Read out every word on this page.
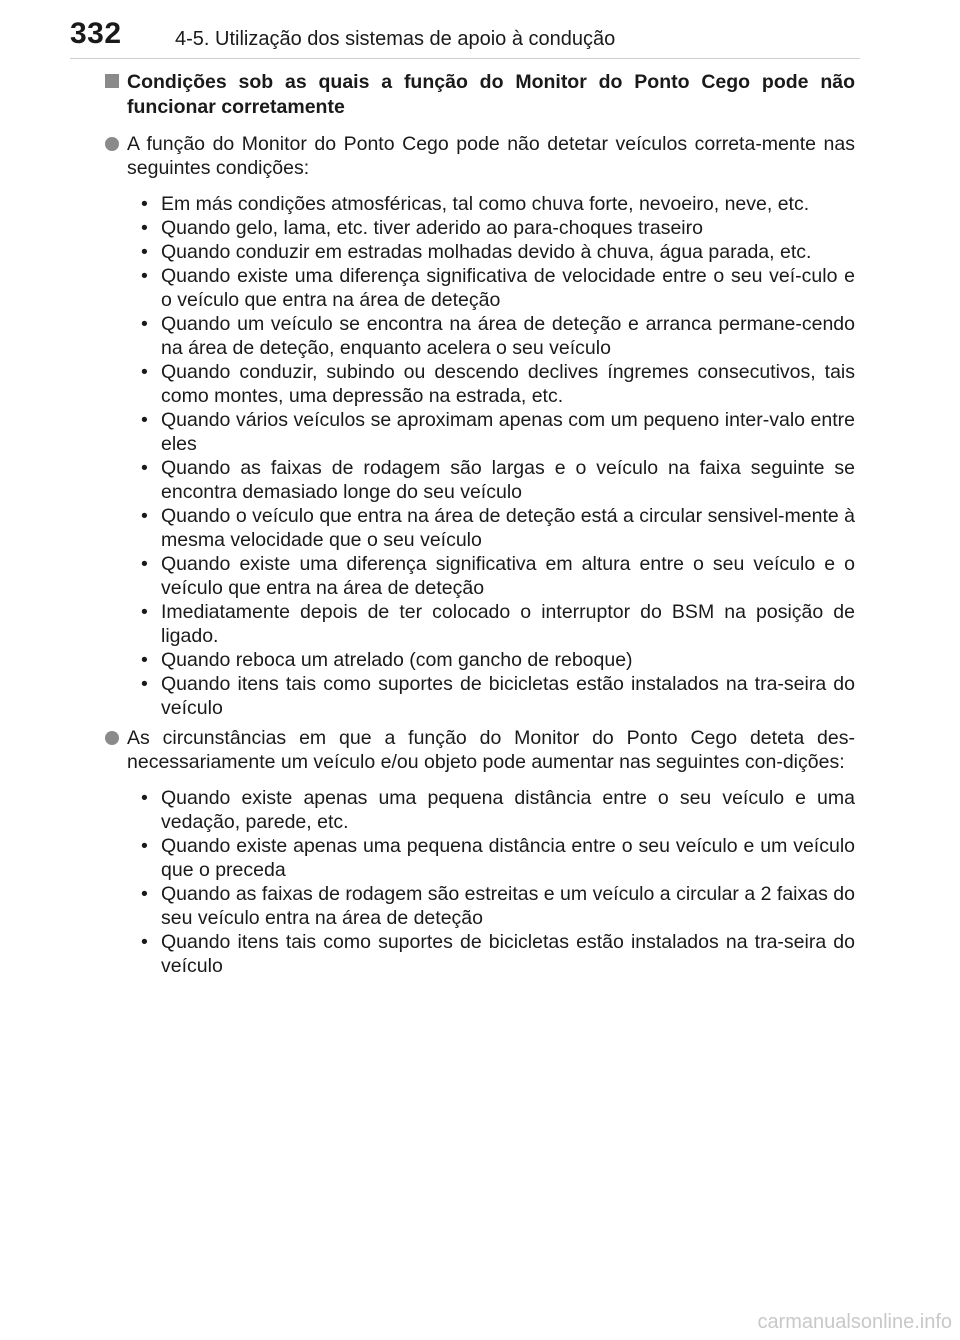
332	4-5. Utilização dos sistemas de apoio à condução
Condições sob as quais a função do Monitor do Ponto Cego pode não funcionar corretamente
A função do Monitor do Ponto Cego pode não detetar veículos correta-mente nas seguintes condições:
• Em más condições atmosféricas, tal como chuva forte, nevoeiro, neve, etc.
• Quando gelo, lama, etc. tiver aderido ao para-choques traseiro
• Quando conduzir em estradas molhadas devido à chuva, água parada, etc.
• Quando existe uma diferença significativa de velocidade entre o seu veí-culo e o veículo que entra na área de deteção
• Quando um veículo se encontra na área de deteção e arranca permane-cendo na área de deteção, enquanto acelera o seu veículo
• Quando conduzir, subindo ou descendo declives íngremes consecutivos, tais como montes, uma depressão na estrada, etc.
• Quando vários veículos se aproximam apenas com um pequeno inter-valo entre eles
• Quando as faixas de rodagem são largas e o veículo na faixa seguinte se encontra demasiado longe do seu veículo
• Quando o veículo que entra na área de deteção está a circular sensivel-mente à mesma velocidade que o seu veículo
• Quando existe uma diferença significativa em altura entre o seu veículo e o veículo que entra na área de deteção
• Imediatamente depois de ter colocado o interruptor do BSM na posição de ligado.
• Quando reboca um atrelado (com gancho de reboque)
• Quando itens tais como suportes de bicicletas estão instalados na tra-seira do veículo
As circunstâncias em que a função do Monitor do Ponto Cego deteta des-necessariamente um veículo e/ou objeto pode aumentar nas seguintes con-dições:
• Quando existe apenas uma pequena distância entre o seu veículo e uma vedação, parede, etc.
• Quando existe apenas uma pequena distância entre o seu veículo e um veículo que o preceda
• Quando as faixas de rodagem são estreitas e um veículo a circular a 2 faixas do seu veículo entra na área de deteção
• Quando itens tais como suportes de bicicletas estão instalados na tra-seira do veículo
carmanualsonline.info
